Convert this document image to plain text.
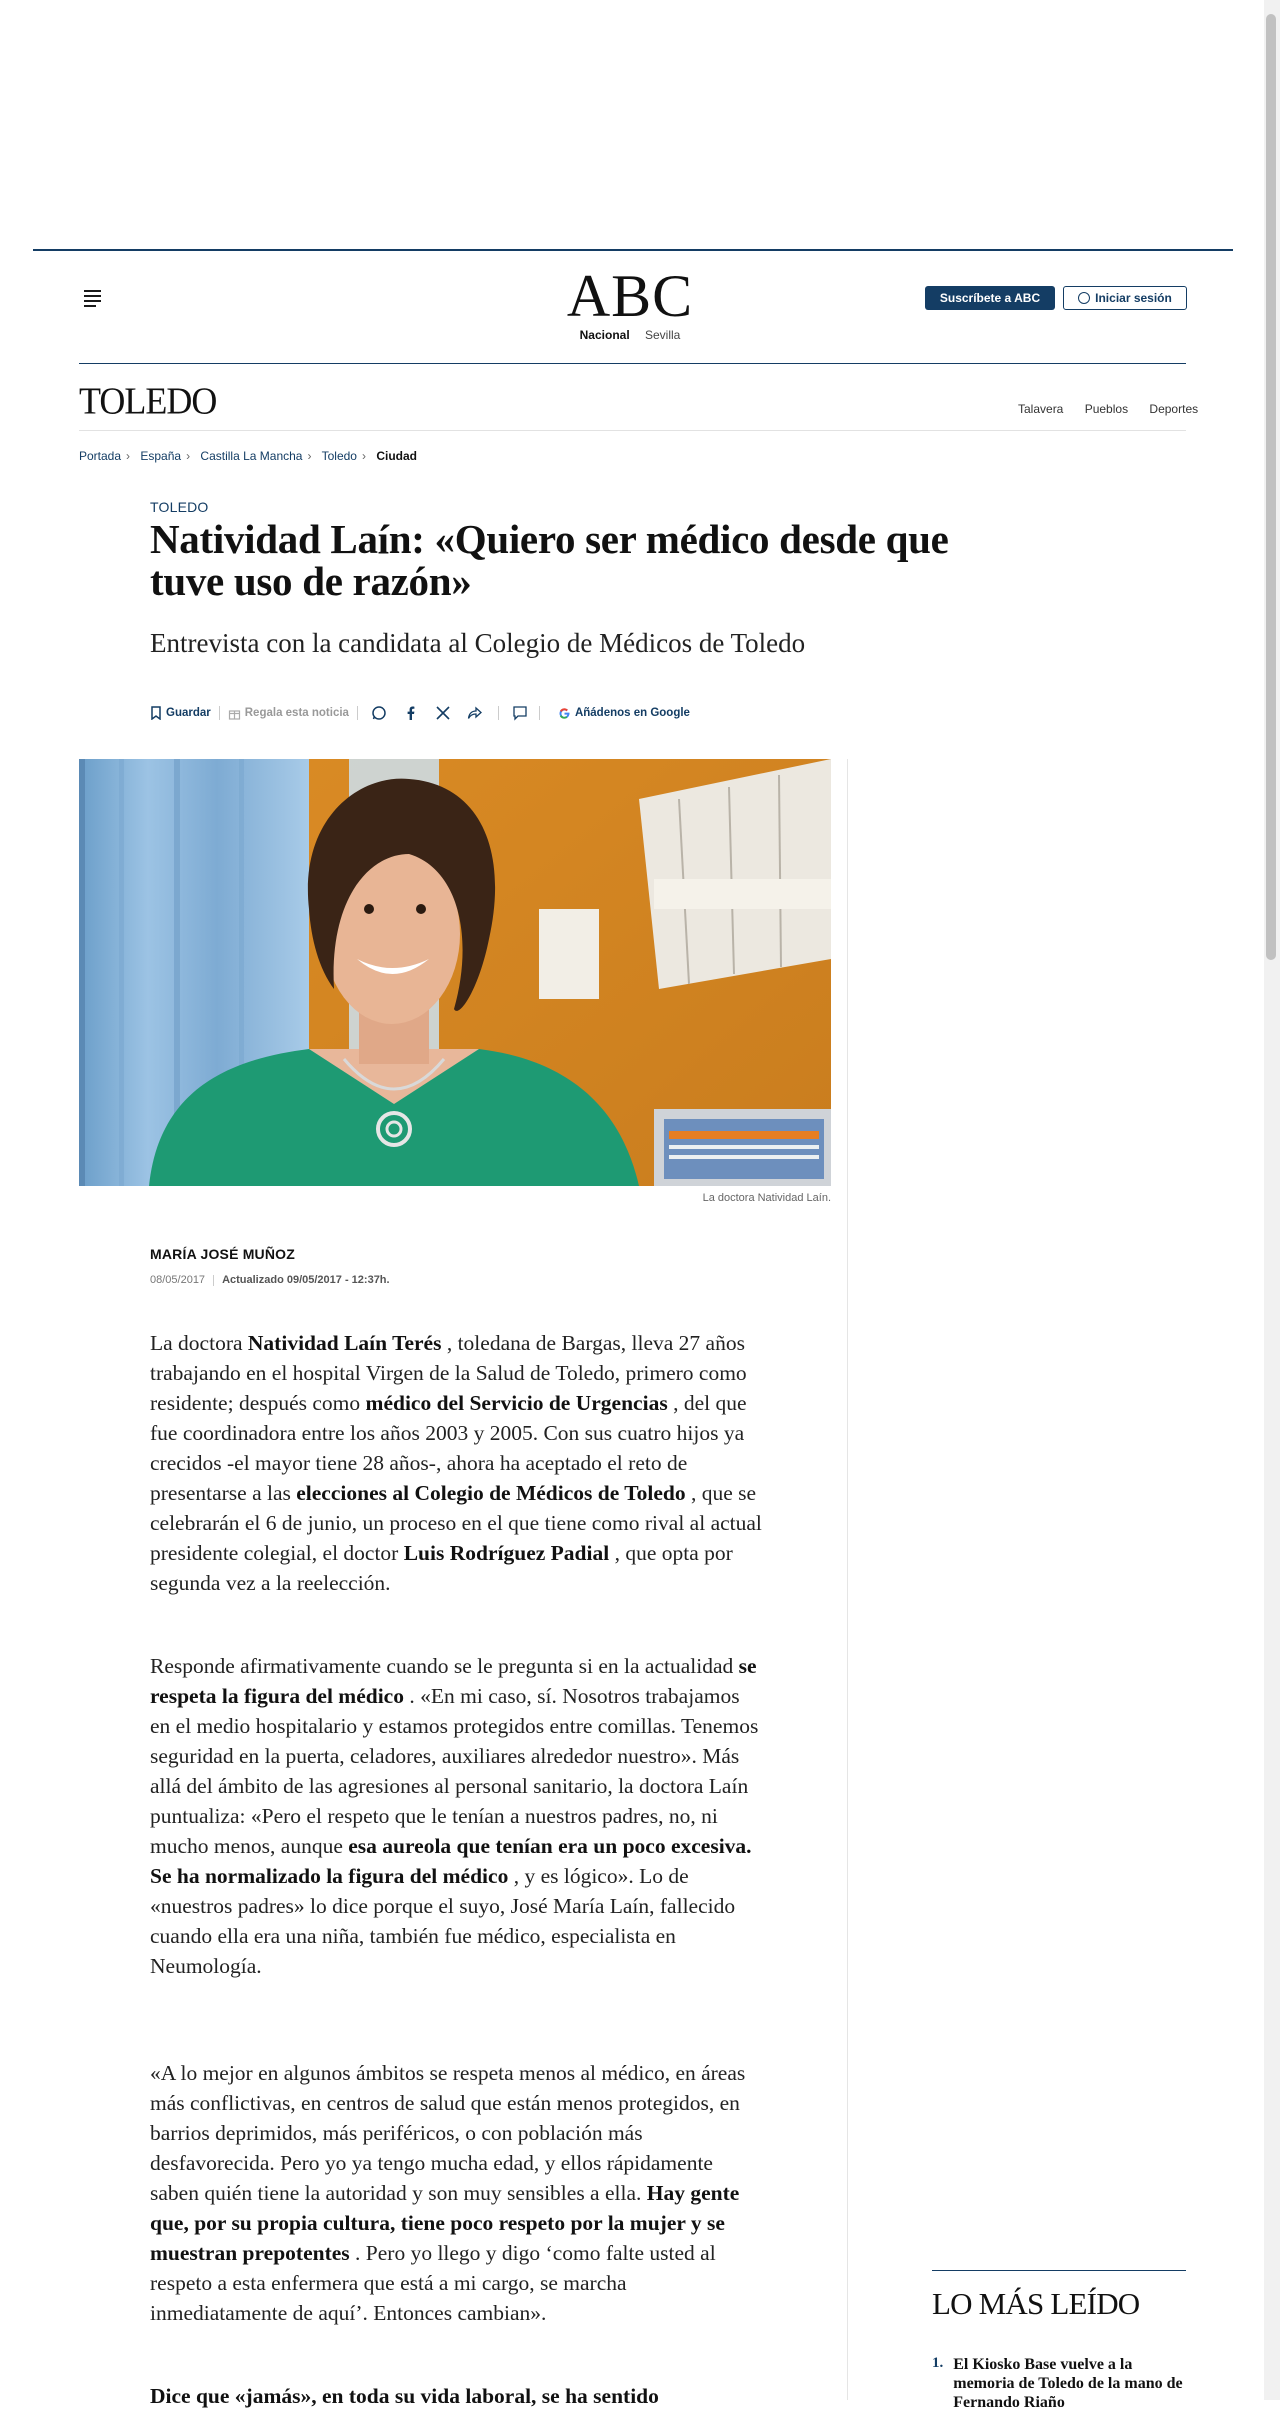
ABC
Nacional Sevilla
Suscríbete a ABC	Iniciar sesión
TOLEDO	Talavera Pueblos Deportes
Portada › España › Castilla La Mancha › Toledo › Ciudad
TOLEDO
Natividad Laín: «Quiero ser médico desde que tuve uso de razón»
Entrevista con la candidata al Colegio de Médicos de Toledo
Guardar	Regala esta noticia	Añádenos en Google
La doctora Natividad Laín.
MARÍA JOSÉ MUÑOZ
08/05/2017 Actualizado 09/05/2017 - 12:37h.

La doctora Natividad Laín Terés , toledana de Bargas, lleva 27 años trabajando en el hospital Virgen de la Salud de Toledo, primero como residente; después como médico del Servicio de Urgencias , del que fue coordinadora entre los años 2003 y 2005. Con sus cuatro hijos ya crecidos -el mayor tiene 28 años-, ahora ha aceptado el reto de presentarse a las elecciones al Colegio de Médicos de Toledo , que se celebrarán el 6 de junio, un proceso en el que tiene como rival al actual presidente colegial, el doctor Luis Rodríguez Padial , que opta por segunda vez a la reelección.

Responde afirmativamente cuando se le pregunta si en la actualidad se respeta la figura del médico . «En mi caso, sí. Nosotros trabajamos en el medio hospitalario y estamos protegidos entre comillas. Tenemos seguridad en la puerta, celadores, auxiliares alrededor nuestro». Más allá del ámbito de las agresiones al personal sanitario, la doctora Laín puntualiza: «Pero el respeto que le tenían a nuestros padres, no, ni mucho menos, aunque esa aureola que tenían era un poco excesiva. Se ha normalizado la figura del médico , y es lógico». Lo de «nuestros padres» lo dice porque el suyo, José María Laín, fallecido cuando ella era una niña, también fue médico, especialista en Neumología.

«A lo mejor en algunos ámbitos se respeta menos al médico, en áreas más conflictivas, en centros de salud que están menos protegidos, en barrios deprimidos, más periféricos, o con población más desfavorecida. Pero yo ya tengo mucha edad, y ellos rápidamente saben quién tiene la autoridad y son muy sensibles a ella. Hay gente que, por su propia cultura, tiene poco respeto por la mujer y se muestran prepotentes . Pero yo llego y digo ‘como falte usted al respeto a esta enfermera que está a mi cargo, se marcha inmediatamente de aquí’. Entonces cambian».

Dice que «jamás», en toda su vida laboral, se ha sentido

LO MÁS LEÍDO
1. El Kiosko Base vuelve a la memoria de Toledo de la mano de Fernando Riaño
